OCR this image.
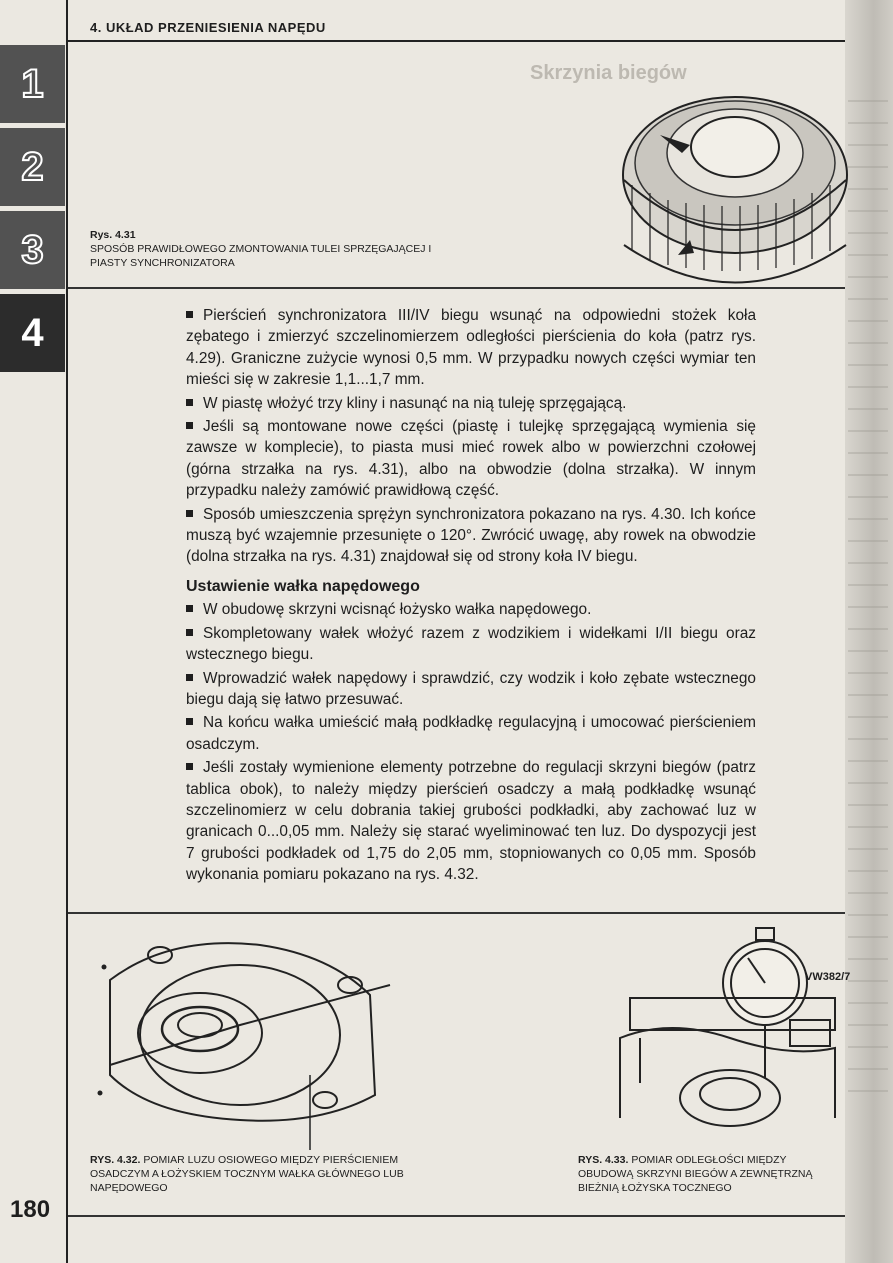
Skrzynia biegów
1
2
3
4
4. UKŁAD PRZENIESIENIA NAPĘDU
Rys. 4.31
SPOSÓB PRAWIDŁOWEGO ZMONTOWANIA TULEI SPRZĘGAJĄCEJ I PIASTY SYNCHRONIZATORA

Pierścień synchronizatora III/IV biegu wsunąć na odpowiedni stożek koła zębatego i zmierzyć szczelinomierzem odległości pierścienia do koła (patrz rys. 4.29). Graniczne zużycie wynosi 0,5 mm. W przypadku nowych części wymiar ten mieści się w zakresie 1,1...1,7 mm.

W piastę włożyć trzy kliny i nasunąć na nią tuleję sprzęgającą.

Jeśli są montowane nowe części (piastę i tulejkę sprzęgającą wymienia się zawsze w komplecie), to piasta musi mieć rowek albo w powierzchni czołowej (górna strzałka na rys. 4.31), albo na obwodzie (dolna strzałka). W innym przypadku należy zamówić prawidłową część.

Sposób umieszczenia sprężyn synchronizatora pokazano na rys. 4.30. Ich końce muszą być wzajemnie przesunięte o 120°. Zwrócić uwagę, aby rowek na obwodzie (dolna strzałka na rys. 4.31) znajdował się od strony koła IV biegu.

Ustawienie wałka napędowego

W obudowę skrzyni wcisnąć łożysko wałka napędowego.

Skompletowany wałek włożyć razem z wodzikiem i widełkami I/II biegu oraz wstecznego biegu.

Wprowadzić wałek napędowy i sprawdzić, czy wodzik i koło zębate wstecznego biegu dają się łatwo przesuwać.

Na końcu wałka umieścić małą podkładkę regulacyjną i umocować pierścieniem osadczym.

Jeśli zostały wymienione elementy potrzebne do regulacji skrzyni biegów (patrz tablica obok), to należy między pierścień osadczy a małą podkładkę wsunąć szczelinomierz w celu dobrania takiej grubości podkładki, aby zachować luz w granicach 0...0,05 mm. Należy się starać wyeliminować ten luz. Do dyspozycji jest 7 grubości podkładek od 1,75 do 2,05 mm, stopniowanych co 0,05 mm. Sposób wykonania pomiaru pokazano na rys. 4.32.

VW382/7
RYS. 4.32. POMIAR LUZU OSIOWEGO MIĘDZY PIERŚCIENIEM OSADCZYM A ŁOŻYSKIEM TOCZNYM WAŁKA GŁÓWNEGO LUB NAPĘDOWEGO
RYS. 4.33. POMIAR ODLEGŁOŚCI MIĘDZY OBUDOWĄ SKRZYNI BIEGÓW A ZEWNĘTRZNĄ BIEŻNIĄ ŁOŻYSKA TOCZNEGO
180
